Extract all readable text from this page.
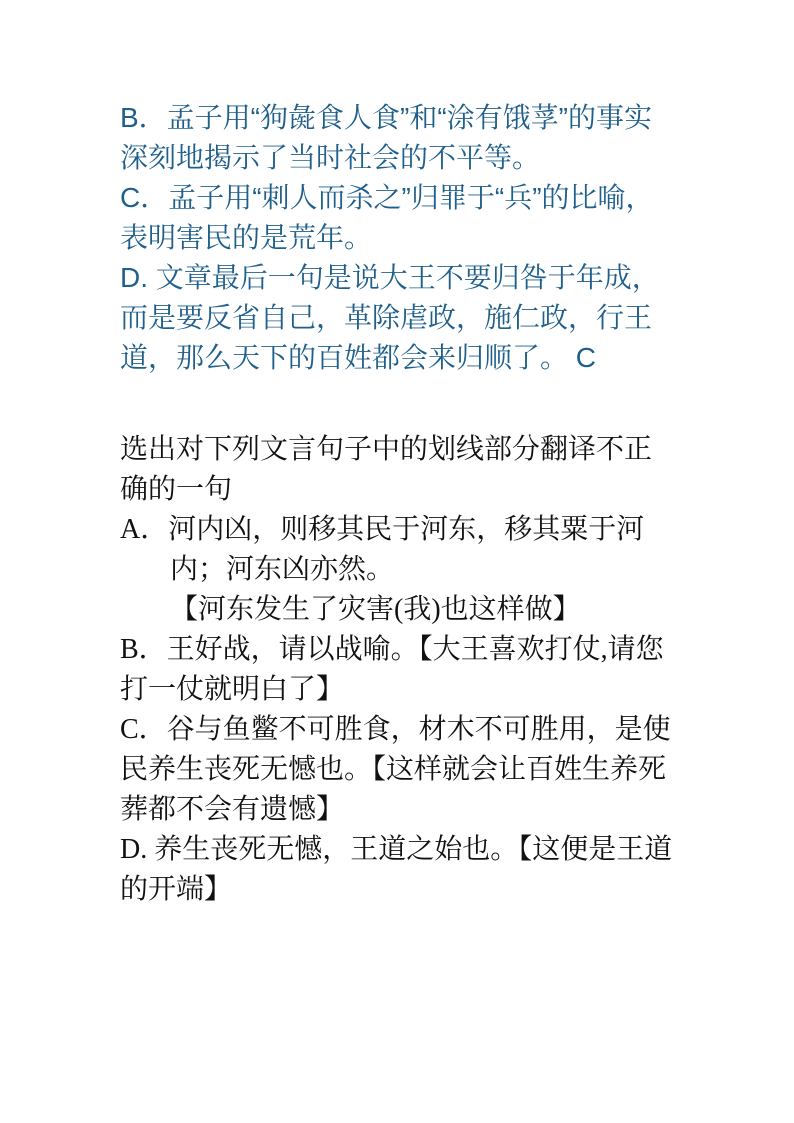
B．孟子用“狗彘食人食”和“涂有饿莩”的事实深刻地揭示了当时社会的不平等。

C．孟子用“刺人而杀之”归罪于“兵”的比喻，表明害民的是荒年。

D. 文章最后一句是说大王不要归咎于年成，而是要反省自己，革除虐政，施仁政，行王道，那么天下的百姓都会来归顺了。 C

选出对下列文言句子中的划线部分翻译不正确的一句

A．河内凶，则移其民于河东，移其粟于河

内；河东凶亦然。

【河东发生了灾害(我)也这样做】

B．王好战，请以战喻。【大王喜欢打仗,请您打一仗就明白了】

C．谷与鱼鳖不可胜食，材木不可胜用，是使民养生丧死无憾也。【这样就会让百姓生养死葬都不会有遗憾】

D. 养生丧死无憾，王道之始也。【这便是王道的开端】
